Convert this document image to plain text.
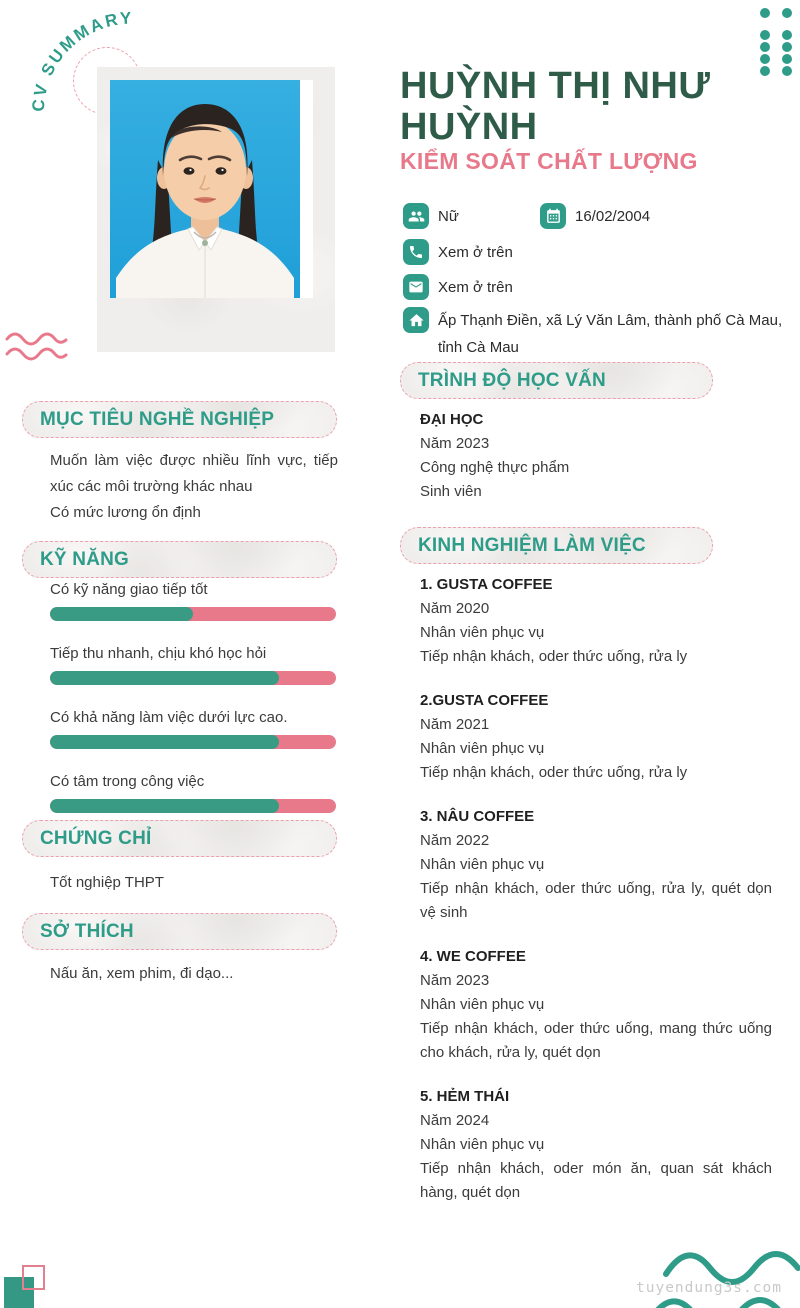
CV SUMMARY
HUỲNH THỊ NHƯ HUỲNH
KIỂM SOÁT CHẤT LƯỢNG
Nữ	16/02/2004
Xem ở trên
Xem ở trên
Ấp Thạnh Điền, xã Lý Văn Lâm, thành phố Cà Mau, tỉnh Cà Mau
MỤC TIÊU NGHỀ NGHIỆP

Muốn làm việc được nhiều lĩnh vực, tiếp xúc các môi trường khác nhau

Có mức lương ổn định

KỸ NĂNG
Có kỹ năng giao tiếp tốt
Tiếp thu nhanh, chịu khó học hỏi
Có khả năng làm việc dưới lực cao.
Có tâm trong công việc
CHỨNG CHỈ
Tốt nghiệp THPT
SỞ THÍCH
Nấu ăn, xem phim, đi dạo...
TRÌNH ĐỘ HỌC VẤN
ĐẠI HỌC

Năm 2023

Công nghệ thực phẩm

Sinh viên

KINH NGHIỆM LÀM VIỆC
1. GUSTA COFFEE
Năm 2020
Nhân viên phục vụ
Tiếp nhận khách, oder thức uống, rửa ly
2.GUSTA COFFEE
Năm 2021
Nhân viên phục vụ
Tiếp nhận khách, oder thức uống, rửa ly
3. NÂU COFFEE
Năm 2022
Nhân viên phục vụ
Tiếp nhận khách, oder thức uống, rửa ly, quét dọn vệ sinh
4. WE COFFEE
Năm 2023
Nhân viên phục vụ
Tiếp nhận khách, oder thức uống, mang thức uống cho khách, rửa ly, quét dọn
5. HẺM THÁI
Năm 2024
Nhân viên phục vụ
Tiếp nhận khách, oder món ăn, quan sát khách hàng, quét dọn
tuyendung3s.com
